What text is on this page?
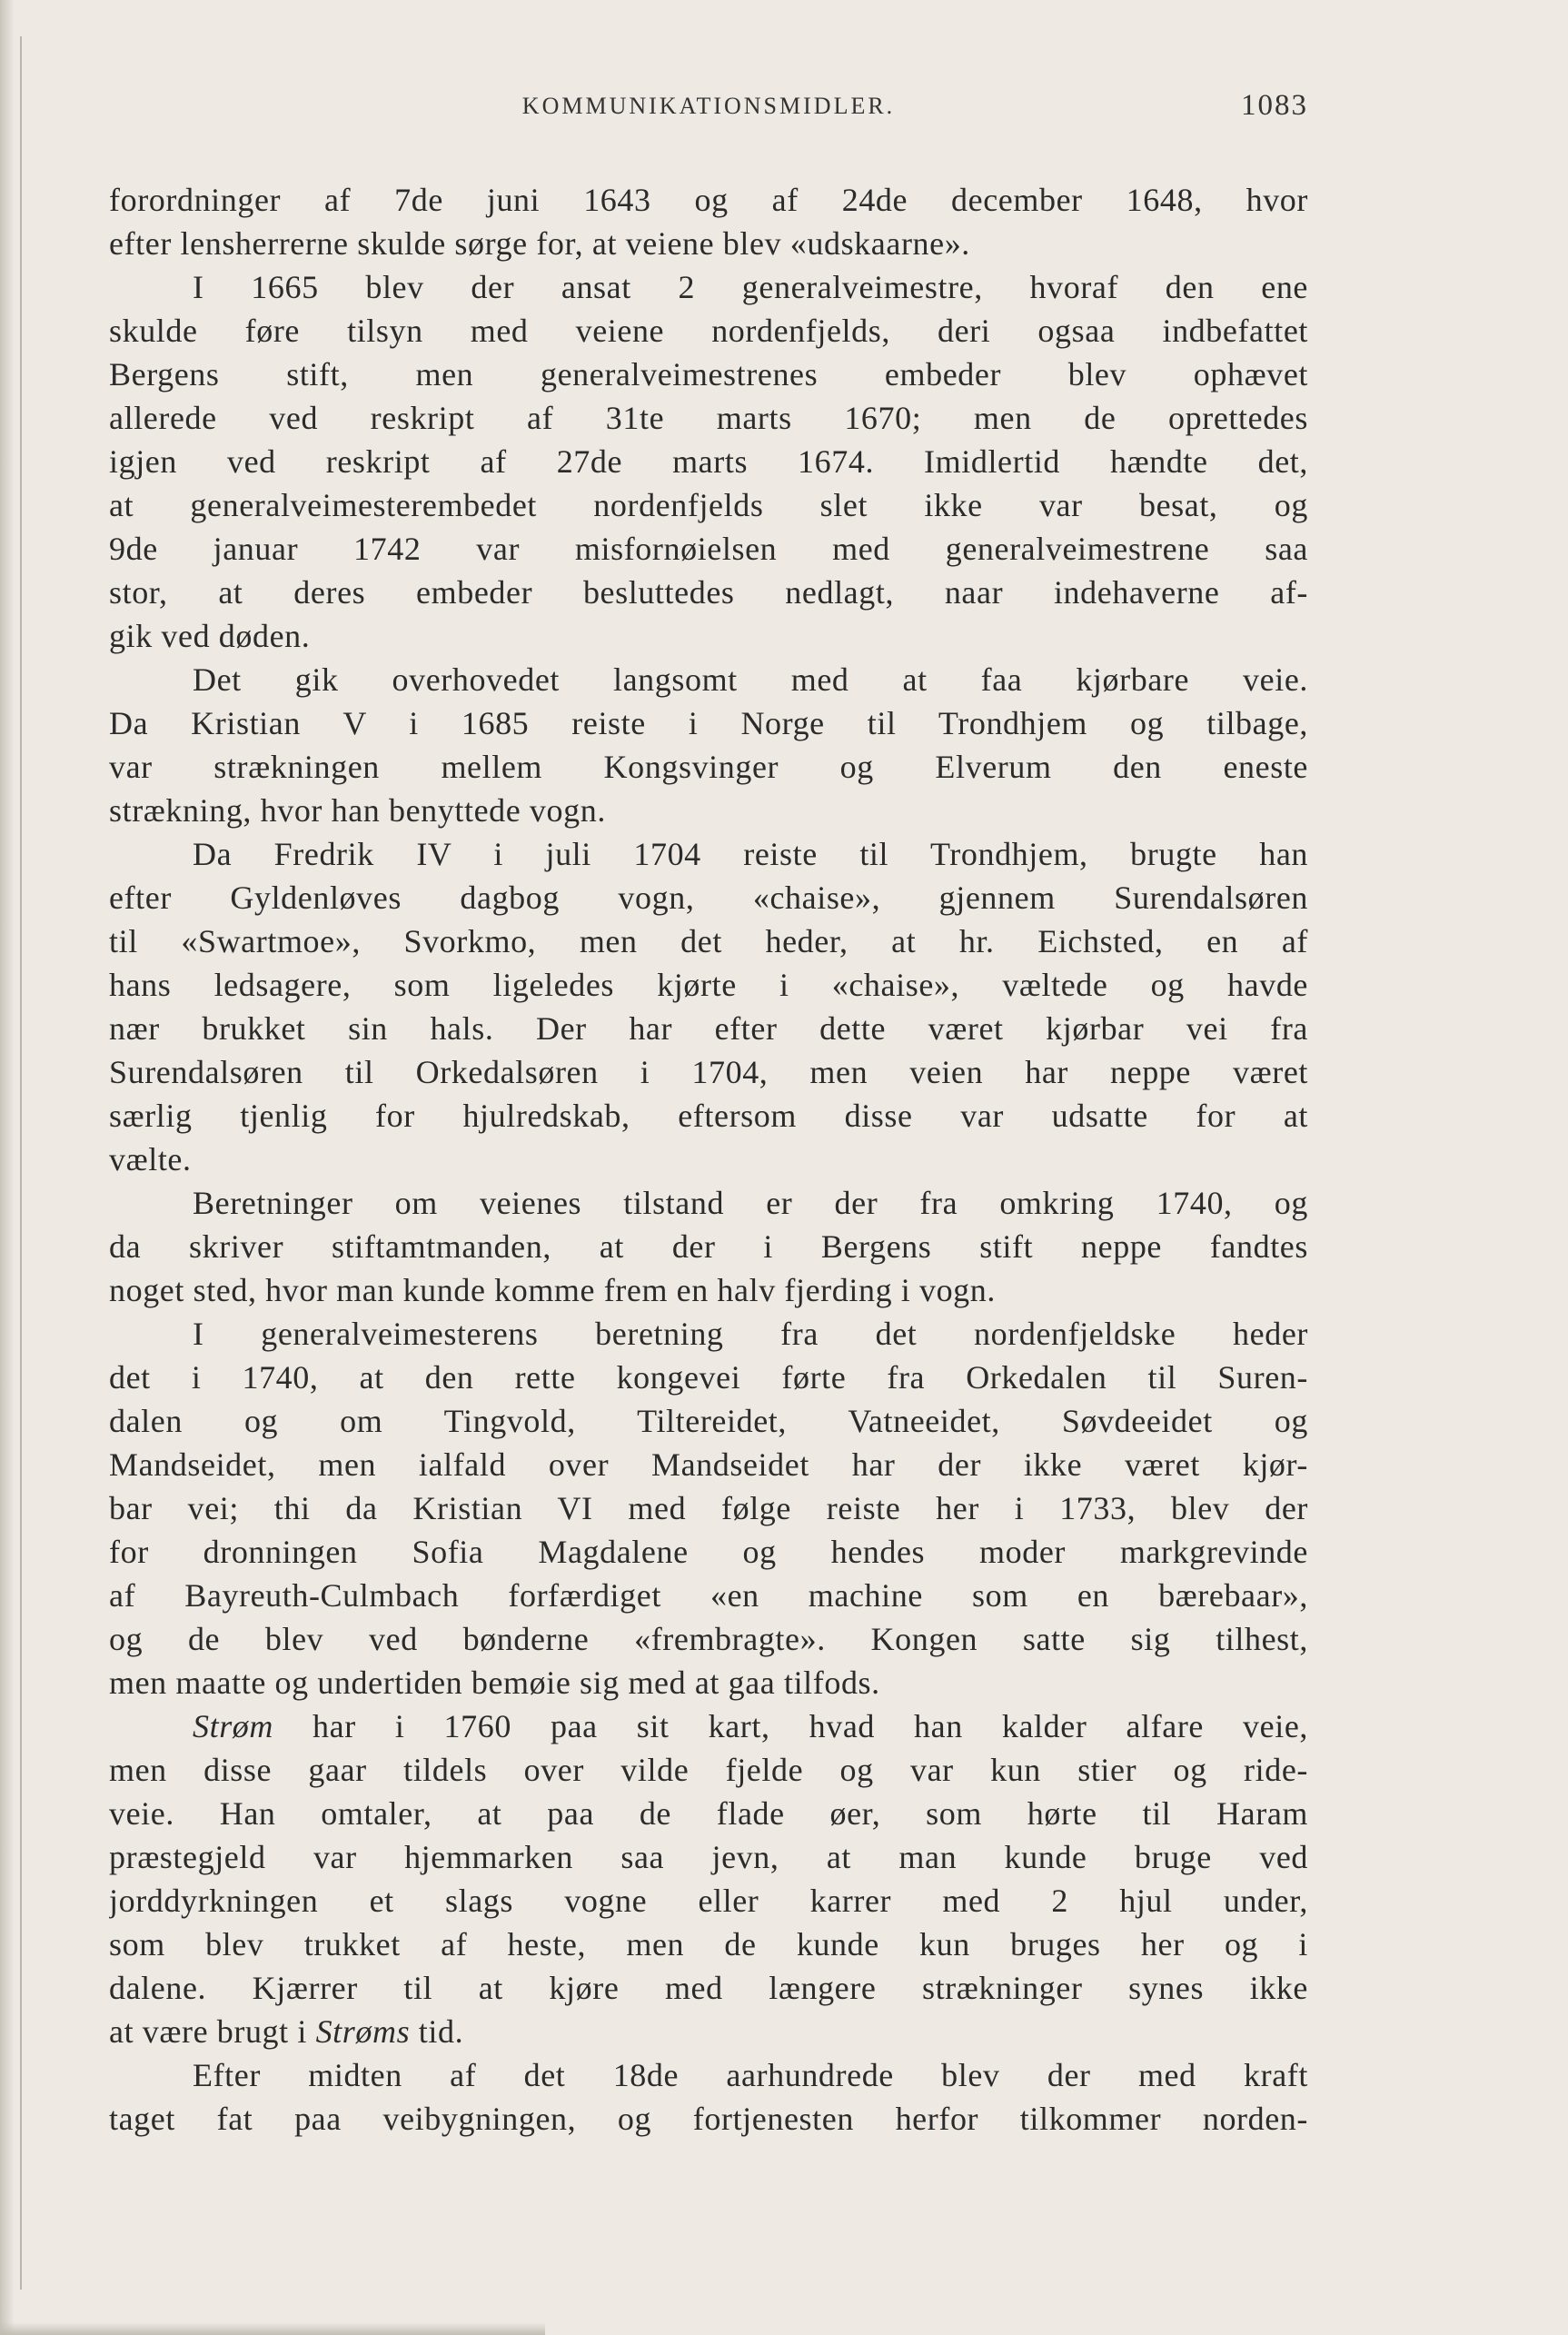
KOMMUNIKATIONSMIDLER.	1083
forordninger af 7de juni 1643 og af 24de december 1648, hvor
efter lensherrerne skulde sørge for, at veiene blev «udskaarne».
I 1665 blev der ansat 2 generalveimestre, hvoraf den ene
skulde føre tilsyn med veiene nordenfjelds, deri ogsaa indbefattet
Bergens stift, men generalveimestrenes embeder blev ophævet
allerede ved reskript af 31te marts 1670; men de oprettedes
igjen ved reskript af 27de marts 1674. Imidlertid hændte det,
at generalveimesterembedet nordenfjelds slet ikke var besat, og
9de januar 1742 var misfornøielsen med generalveimestrene saa
stor, at deres embeder besluttedes nedlagt, naar indehaverne af-
gik ved døden.
Det gik overhovedet langsomt med at faa kjørbare veie.
Da Kristian V i 1685 reiste i Norge til Trondhjem og tilbage,
var strækningen mellem Kongsvinger og Elverum den eneste
strækning, hvor han benyttede vogn.
Da Fredrik IV i juli 1704 reiste til Trondhjem, brugte han
efter Gyldenløves dagbog vogn, «chaise», gjennem Surendalsøren
til «Swartmoe», Svorkmo, men det heder, at hr. Eichsted, en af
hans ledsagere, som ligeledes kjørte i «chaise», væltede og havde
nær brukket sin hals. Der har efter dette været kjørbar vei fra
Surendalsøren til Orkedalsøren i 1704, men veien har neppe været
særlig tjenlig for hjulredskab, eftersom disse var udsatte for at
vælte.
Beretninger om veienes tilstand er der fra omkring 1740, og
da skriver stiftamtmanden, at der i Bergens stift neppe fandtes
noget sted, hvor man kunde komme frem en halv fjerding i vogn.
I generalveimesterens beretning fra det nordenfjeldske heder
det i 1740, at den rette kongevei førte fra Orkedalen til Suren-
dalen og om Tingvold, Tiltereidet, Vatneeidet, Søvdeeidet og
Mandseidet, men ialfald over Mandseidet har der ikke været kjør-
bar vei; thi da Kristian VI med følge reiste her i 1733, blev der
for dronningen Sofia Magdalene og hendes moder markgrevinde
af Bayreuth-Culmbach forfærdiget «en machine som en bærebaar»,
og de blev ved bønderne «frembragte». Kongen satte sig tilhest,
men maatte og undertiden bemøie sig med at gaa tilfods.
Strøm har i 1760 paa sit kart, hvad han kalder alfare veie,
men disse gaar tildels over vilde fjelde og var kun stier og ride-
veie. Han omtaler, at paa de flade øer, som hørte til Haram
præstegjeld var hjemmarken saa jevn, at man kunde bruge ved
jorddyrkningen et slags vogne eller karrer med 2 hjul under,
som blev trukket af heste, men de kunde kun bruges her og i
dalene. Kjærrer til at kjøre med længere strækninger synes ikke
at være brugt i Strøms tid.
Efter midten af det 18de aarhundrede blev der med kraft
taget fat paa veibygningen, og fortjenesten herfor tilkommer norden-
